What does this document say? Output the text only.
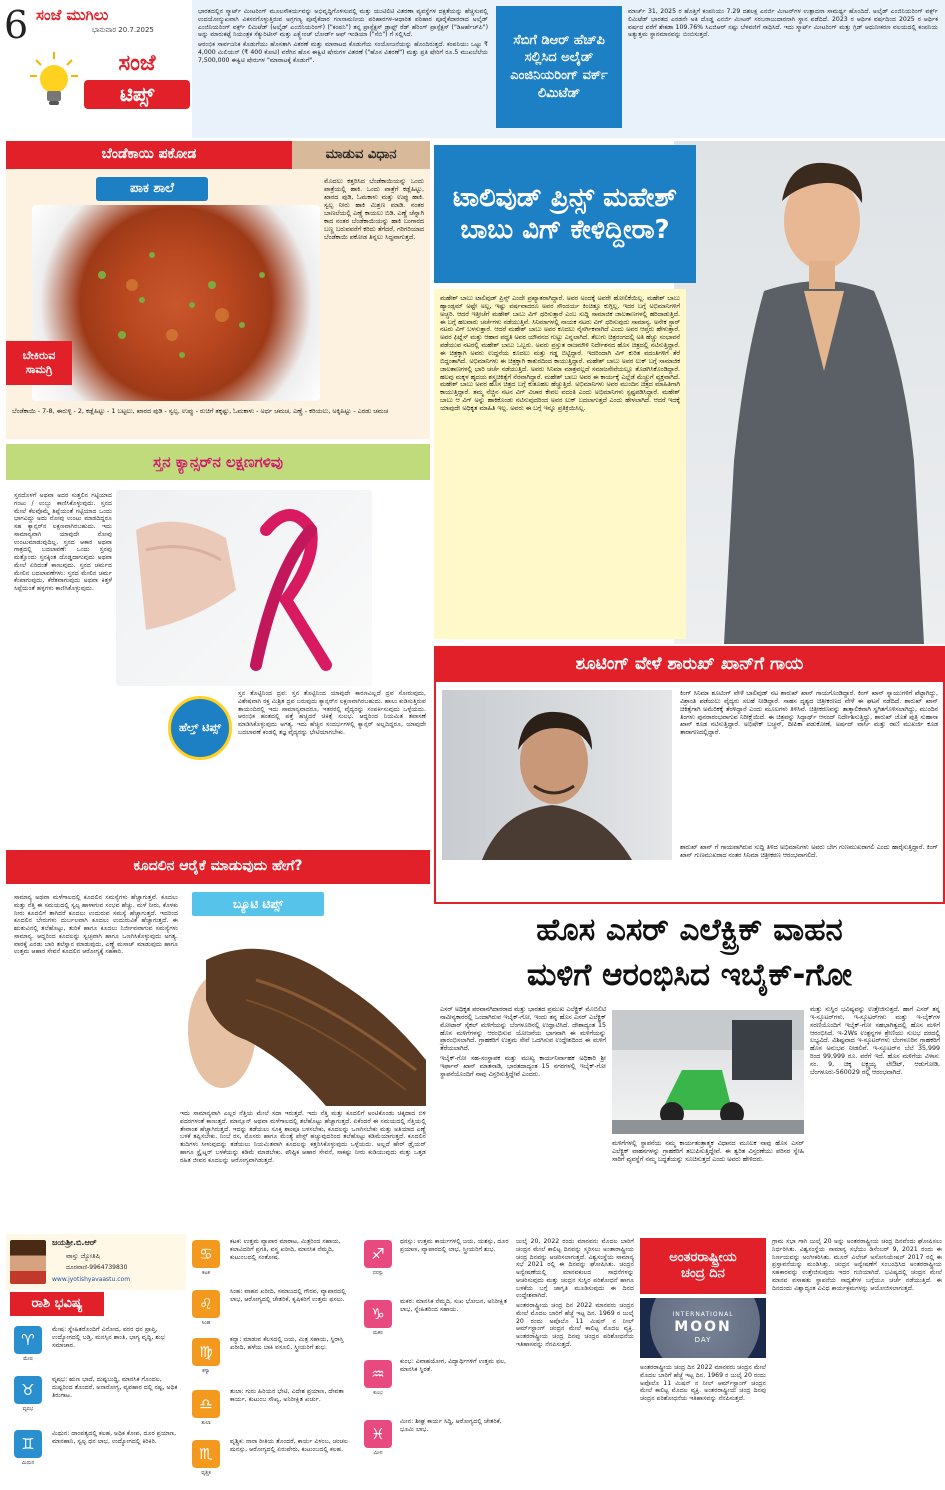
6 ಸಂಜೆ ಮುಗಿಲು
ಭಾನುವಾರ 20.7.2025
ಸಂಜೆ
ಟಿಪ್ಸ್

ಭಾರತದಲ್ಲಿನ ಸ್ಮಾರ್ಟ್ ಮೀಟರಿಂಗ್ ಮೂಲಸೌಕರ್ಯವನ್ನು ಅಭಿವೃದ್ಧಿಗೊಳಿಸುವಲ್ಲಿ ಮತ್ತು ಯುಟಿಲಿಟಿ ವಿತರಣಾ ವ್ಯವಸ್ಥೆಗಳ ದಕ್ಷತೆಯನ್ನು ಹೆಚ್ಚಿಸುವಲ್ಲಿ ಉದಯೋನ್ಮುಖವಾಗಿ ವಿಕಸನಗೊಳ್ಳುತ್ತಿರುವ ಅಗ್ರಗಣ್ಯ ಪೂರೈಕೆದಾರ ಗಣನಾಮನೀಯ ಪರಿಹಾರಗಳ-ಆಧಾರಿತ ಪರಿಹಾರ ಪೂರೈಕೆದಾರರಾದ ಅಲೈಡ್ ಎಂಜಿನಿಯರಿಂಗ್ ವರ್ಕ್ಸ್ ಲಿಮಿಟೆಡ್ (ಅಲೈಡ್ ಎಂಜಿನಿಯರಿಂಗ್) ("ಕಂಪನಿ") ತನ್ನ ಪ್ರಾಸ್ಪೆಕ್ಟಸ್ ಡ್ರಾಫ್ಟ್ ರೆಡ್ ಹೆರಿಂಗ್ ಪ್ರಾಸ್ಪೆಕ್ಟಸ್ ("ಡಿಆರ್ಹೆಚ್‌ಪಿ") ಅನ್ನು ಮಾರುಕಟ್ಟೆ ನಿಯಂತ್ರಕ ಸೆಕ್ಯುರಿಟೀಸ್ ಮತ್ತು ಎಕ್ಸ್ಚೇಂಜ್ ಬೋರ್ಡ್ ಆಫ್ ಇಂಡಿಯಾ ("ಸೆಬಿ") ಗೆ ಸಲ್ಲಿಸಿದೆ.

ಆರಂಭಿಕ ಸಾರ್ವಜನಿಕ ಕೊಡುಗೆಯು ಹೊಸತಾಗಿ ವಿತರಣೆ ಮತ್ತು ಮಾರಾಟದ ಕೊಡುಗೆಯ ಸಂಯೋಜನೆಯನ್ನು ಹೊಂದಿರುತ್ತದೆ. ಕಂಪನಿಯು ಒಟ್ಟು ₹ 4,000 ಮಿಲಿಯನ್ (₹ 400 ಕೋಟಿ) ವರೆಗಿನ ಹೊಸ ಈಕ್ವಿಟಿ ಷೇರುಗಳ ವಿತರಣೆ ("ಹೊಸ ವಿತರಣೆ") ಮತ್ತು ಪ್ರತಿ ಷೇರಿಗೆ ರೂ.5 ಮುಖಬೆಲೆಯ 7,500,000 ಈಕ್ವಿಟಿ ಷೇರುಗಳ "ಮಾರಾಟಕ್ಕೆ ಕೊಡುಗೆ".

ಸೆಬಿಗೆ ಡಿಆರ್ ಹೆಚ್‌ಪಿ ಸಲ್ಲಿಸಿದ ಅಲೈಡ್ ಎಂಜಿನಿಯರಿಂಗ್ ವರ್ಕ್ ಲಿಮಿಟೆಡ್
ಮಾರ್ಚ್ 31, 2025 ರ ಹೊತ್ತಿಗೆ ಕಂಪನಿಯು 7.29 ದಶಲಕ್ಷ ಎನರ್ಜಿ ಮೀಟರ್‌ಗಳ ಉತ್ಪಾದನಾ ಸಾಮರ್ಥ್ಯ ಹೊಂದಿದೆ. ಅಲೈಡ್ ಎಂಜಿನಿಯರಿಂಗ್ ವರ್ಕ್ಸ್ ಲಿಮಿಟೆಡ್ ಭಾರತದ ಎರಡನೇ ಅತಿ ದೊಡ್ಡ ಎನರ್ಜಿ ಮೀಟರ್ ಸರಬರಾಜುದಾರನಾಗಿ ಸ್ಥಾನ ಪಡೆದಿದೆ. 2023 ರ ಆರ್ಥಿಕ ವರ್ಷದಿಂದ 2025 ರ ಆರ್ಥಿಕ ವರ್ಷದ ವರೆಗೆ ಶೇಕಡಾ 109.76% ಸಿಎಜಿಆರ್ ನಷ್ಟು ಬೆಳವಣಿಗೆ ಸಾಧಿಸಿದೆ. ಇದು ಸ್ಮಾರ್ಟ್ ಮೀಟರಿಂಗ್ ಮತ್ತು ಗ್ರಿಡ್ ಆಧುನೀಕರಣ ವಲಯದಲ್ಲಿ ಕಂಪನಿಯ ಅತ್ಯುತ್ತಮ ಸ್ಥಾನಮಾನವನ್ನು ಬಿಂಬಿಸುತ್ತದೆ.
ಬೆಂಡೆಕಾಯಿ ಪಕೋಡ	ಮಾಡುವ ವಿಧಾನ
ಪಾಕ ಶಾಲೆ
ಬೇಕಿರುವ
ಸಾಮಗ್ರಿ
ಮೊದಲು ಕತ್ತರಿಸಿದ ಬೆಂಡೆಕಾಯಿಯನ್ನು ಒಂದು ಪಾತ್ರೆಯಲ್ಲಿ ಹಾಕಿ. ಒಂದು ಪಾತ್ರೆಗೆ ಕಡ್ಲೆಹಿಟ್ಟು, ಖಾರದ ಪುಡಿ, ಓಮಕಾಳು ಮತ್ತು ಉಪ್ಪು ಹಾಕಿ. ಸ್ವಲ್ಪ ನೀರು ಹಾಕಿ ಮಿಶ್ರಣ ಮಾಡಿ. ನಂತರ ಬಾಣಲೆಯಲ್ಲಿ ಎಣ್ಣೆ ಕಾಯಲು ಬಿಡಿ. ಎಣ್ಣೆ ಚೆನ್ನಾಗಿ ಕಾದ ನಂತರ ಬೆಂಡೆಕಾಯಿಯನ್ನು ಹಾಕಿ ಬಂಗಾರದ ಬಣ್ಣ ಬರುವವರೆಗೆ ಕರಿದು ತೆಗೆದರೆ, ಗರಿಗರಿಯಾದ ಬೆಂಡೆಕಾಯಿ ಪಕೋಡ ತಿನ್ನಲು ಸಿದ್ಧವಾಗುತ್ತದೆ.
ಬೆಂಡೆಕಾಯಿ - 7-8, ಈರುಳ್ಳಿ - 2, ಕಡ್ಲೆಹಿಟ್ಟು - 1 ಬಟ್ಟಲು, ಖಾರದ ಪುಡಿ - ಸ್ವಲ್ಪ, ಉಪ್ಪು - ರುಚಿಗೆ ತಕ್ಕಷ್ಟು, ಓಮಕಾಳು - ಅರ್ಧ ಚಮಚ, ಎಣ್ಣೆ - ಕರಿಯಲು, ಅಕ್ಕಿಹಿಟ್ಟು - ಎರಡು ಚಮಚ
ಸ್ತನ ಕ್ಯಾನ್ಸರ್‌ನ ಲಕ್ಷಣಗಳಿವು
ಸ್ತನದೊಳಗೆ ಅಥವಾ ಅದರ ಸುತ್ತಲಿನ ಗಟ್ಟಿಯಾದ ಗಂಟು / ಉಬ್ಬು ಕಾಣಿಸಿಕೊಳ್ಳುವುದು. ಸ್ತನದ ಮೇಲೆ ಕೆಲವೊಮ್ಮೆ ತಿಪ್ಪೆಯಂತೆ ಗಟ್ಟಿಯಾದ ಒಂದು ಭಾಗವಿದ್ದು ಅದು ನೋವು ಉಂಟು ಮಾಡದಿದ್ದರೂ ಸಹ ಕ್ಯಾನ್ಸರ್‌ನ ಲಕ್ಷಣವಾಗಿರಬಹುದು. ಇದು ಸಾಮಾನ್ಯವಾಗಿ ಯಾವುದೇ ನೋವು ಉಂಟುಮಾಡುವುದಿಲ್ಲ. ಸ್ತನದ ಆಕಾರ ಅಥವಾ ಗಾತ್ರದಲ್ಲಿ ಬದಲಾವಣೆ: ಒಂದು ಸ್ತನವು ಮತ್ತೊಂದು ಸ್ತನಕ್ಕಿಂತ ದೊಡ್ಡದಾಗುವುದು ಅಥವಾ ಮೇಲೆ ಏರಿದಂತೆ ಕಾಣುವುದು. ಸ್ತನದ ಚರ್ಮದ ಮೇಲಿನ ಬದಲಾವಣೆಗಳು: ಸ್ತನದ ಮೇಲಿನ ಚರ್ಮ ಕೆಂಪಾಗುವುದು, ಕೆರೆತವಾಗುವುದು ಅಥವಾ ಕಿತ್ತಳೆ ಸಿಪ್ಪೆಯಂತೆ ಹಳ್ಳಗಳು ಕಾಣಿಸಿಕೊಳ್ಳುವುದು.
ಹೆಲ್ತ್ ಟಿಪ್ಸ್
ಸ್ತನ ತೊಟ್ಟಿನಿಂದ ದ್ರವ: ಸ್ತನ ತೊಟ್ಟಿನಿಂದ ಯಾವುದೇ ಕಾರಣವಿಲ್ಲದೆ ದ್ರವ ಸೋರುವುದು, ವಿಶೇಷವಾಗಿ ರಕ್ತ ಮಿಶ್ರಿತ ದ್ರವ ಬರುವುದು ಕ್ಯಾನ್ಸರ್‌ನ ಲಕ್ಷಣವಾಗಿರಬಹುದು. ಹಾಲು ಕುಡಿಸುತ್ತಿರುವ ತಾಯಂದಿರಲ್ಲಿ ಇದು ಸಾಮಾನ್ಯವಾದರೂ, ಇತರರಲ್ಲಿ ವೈದ್ಯರನ್ನು ಸಂಪರ್ಕಿಸುವುದು ಒಳ್ಳೆಯದು. ಆರಂಭಿಕ ಹಂತದಲ್ಲಿ ಪತ್ತೆ ಹಚ್ಚಿದರೆ ಚಿಕಿತ್ಸೆ ಸುಲಭ. ಆದ್ದರಿಂದ ನಿಯಮಿತ ತಪಾಸಣೆ ಮಾಡಿಸಿಕೊಳ್ಳುವುದು ಅಗತ್ಯ. ಇದು ಹೆಚ್ಚಿನ ಸಂದರ್ಭಗಳಲ್ಲಿ ಕ್ಯಾನ್ಸರ್ ಅಲ್ಲದಿದ್ದರೂ, ಯಾವುದೇ ಬದಲಾವಣೆ ಕಂಡಲ್ಲಿ ತಜ್ಞ ವೈದ್ಯರನ್ನು ಭೇಟಿಯಾಗಬೇಕು.
ಕೂದಲಿನ ಆರೈಕೆ ಮಾಡುವುದು ಹೇಗೆ?
ಸಾಮಾನ್ಯ ಅಥವಾ ಮಳೆಗಾಲದಲ್ಲಿ ಕೂದಲಿನ ಸಮಸ್ಯೆಗಳು ಹೆಚ್ಚಾಗುತ್ತವೆ. ಕೂದಲು ಮತ್ತು ನೆತ್ತಿ ಈ ಸಮಯದಲ್ಲಿ ಸ್ವಲ್ಪ ಹಾಳಾಗುವ ಸಂಭವ ಹೆಚ್ಚು. ಮಳೆ ನೀರು, ಕೊಳಕು ನೀರು ಕೂದಲಿಗೆ ತಾಗಿದರೆ ಕೂದಲು ಉದುರುವ ಸಮಸ್ಯೆ ಹೆಚ್ಚಾಗುತ್ತದೆ. ಇದರಿಂದ ಕೂದಲಿನ ಬೇರುಗಳು ದುರ್ಬಲವಾಗಿ ಕೂದಲು ಉದುರುವಿಕೆ ಹೆಚ್ಚಾಗುತ್ತದೆ. ಈ ಋತುವಿನಲ್ಲಿ ತಲೆಹೊಟ್ಟು, ತುರಿಕೆ ಹಾಗೂ ಕೂದಲು ನಿರ್ಜೀವವಾಗುವ ಸಮಸ್ಯೆಗಳು ಸಾಮಾನ್ಯ. ಆದ್ದರಿಂದ ಕೂದಲನ್ನು ಸ್ವಚ್ಛವಾಗಿ ಹಾಗೂ ಒಣಗಿಸಿಕೊಳ್ಳುವುದು ಅಗತ್ಯ. ವಾರಕ್ಕೆ ಎರಡು ಬಾರಿ ತಲೆಸ್ನಾನ ಮಾಡುವುದು, ಎಣ್ಣೆ ಮಸಾಜ್ ಮಾಡುವುದು ಹಾಗೂ ಉತ್ತಮ ಆಹಾರ ಸೇವನೆ ಕೂದಲಿನ ಆರೋಗ್ಯಕ್ಕೆ ಸಹಕಾರಿ.
ಬ್ಯೂಟಿ ಟಿಪ್ಸ್
ಇದು ಸಾಮಾನ್ಯವಾಗಿ ಎಲ್ಲರ ನೆತ್ತಿಯ ಮೇಲೆ ಸದಾ ಇರುತ್ತದೆ. ಇದು ನೆತ್ತಿ ಮತ್ತು ಕೂದಲಿಗೆ ಅಂಟಿಕೊಂಡು ಚಿಕ್ಕದಾದ ಬಿಳಿ ಪದರಗಳಂತೆ ಕಾಣುತ್ತದೆ. ಮಾನ್ಸೂನ್ ಅಥವಾ ಮಳೆಗಾಲದಲ್ಲಿ ತಲೆಹೊಟ್ಟು ಹೆಚ್ಚಾಗುತ್ತದೆ. ಏಕೆಂದರೆ ಈ ಸಮಯದಲ್ಲಿ ನೆತ್ತಿಯಲ್ಲಿ ತೇವಾಂಶ ಹೆಚ್ಚಾಗಿರುತ್ತದೆ. ಇದನ್ನು ತಡೆಯಲು ಸೂಕ್ತ ಶಾಂಪೂ ಬಳಸಬೇಕು, ಕೂದಲನ್ನು ಒಣಗಿಸಬೇಕು ಮತ್ತು ಅತಿಯಾದ ಎಣ್ಣೆ ಬಳಕೆ ತಪ್ಪಿಸಬೇಕು. ನಿಂಬೆ ರಸ, ಮೊಸರು ಹಾಗೂ ಮೆಂತ್ಯೆ ಪೇಸ್ಟ್ ಹಚ್ಚುವುದರಿಂದ ತಲೆಹೊಟ್ಟು ಕಡಿಮೆಯಾಗುತ್ತದೆ. ಕೂದಲಿನ ತುದಿಗಳು ಸೀಳುವುದನ್ನು ತಡೆಯಲು ನಿಯಮಿತವಾಗಿ ಕೂದಲನ್ನು ಕತ್ತರಿಸಿಕೊಳ್ಳುವುದು ಒಳ್ಳೆಯದು. ಅಲ್ಲದೆ ಹೇರ್ ಡ್ರೈಯರ್ ಹಾಗೂ ಸ್ಟ್ರೈಟ್ನರ್ ಬಳಕೆಯನ್ನು ಕಡಿಮೆ ಮಾಡಬೇಕು. ಪೌಷ್ಟಿಕ ಆಹಾರ ಸೇವನೆ, ಸಾಕಷ್ಟು ನೀರು ಕುಡಿಯುವುದು ಮತ್ತು ಒತ್ತಡ ರಹಿತ ಜೀವನ ಕೂದಲನ್ನು ಆರೋಗ್ಯವಾಗಿಡುತ್ತದೆ.
ಜಯಶ್ರೀ.ಬಿ.ಆರ್
ವಾಸ್ತು ಜ್ಯೋತಿಷಿ
ದೂರವಾಣಿ-9964739830
www.jyotishyavaastu.com
ರಾಶಿ ಭವಿಷ್ಯ
♈
ಮೇಷ
ಮೇಷ: ಸ್ನೇಹಿತರೊಂದಿಗೆ ವಿನೋದ, ಪರರ ಧನ ಪ್ರಾಪ್ತಿ, ಉದ್ಯೋಗದಲ್ಲಿ ಬಡ್ತಿ, ಮನಸ್ಸಿನ ಶಾಂತಿ, ಭಾಗ್ಯ ವೃದ್ಧಿ, ಶುಭ ಸಮಾಚಾರ.
♉
ವೃಷಭ
ವೃಷಭ: ಋಣ ಭಾದೆ, ದುಷ್ಟಬುದ್ಧಿ, ಮಾನಸಿಕ ಗೊಂದಲ, ದುಷ್ಟರಿಂದ ತೊಂದರೆ, ಅನಾರೋಗ್ಯ, ವ್ಯವಹಾರ ದಲ್ಲಿ ನಷ್ಟ, ಅಧಿಕ ತಿರುಗಾಟ.
♊
ಮಿಥುನ
ಮಿಥುನ: ದಾಂಪತ್ಯದಲ್ಲಿ ಕಲಹ, ಅಧಿಕ ಕೋಪ, ದೂರ ಪ್ರಯಾಣ, ಮಾನಹಾನಿ, ಸ್ವಲ್ಪ ಧನ ಲಾಭ, ಉದ್ಯೋಗದಲ್ಲಿ ಕಿರಿಕಿರಿ.
♋
ಕಟಕ
ಕಟಕ: ಉತ್ತಮ ವ್ಯಾಪಾರ ಮಾರಾಟ, ಮಿತ್ರರಿಂದ ಸಹಾಯ, ಕಲಾವಿದರಿಗೆ ಪ್ರಗತಿ, ವಸ್ತ್ರ ಖರೀದಿ, ಮಾನಸಿಕ ನೆಮ್ಮದಿ, ಕುಟುಂಬದಲ್ಲಿ ಸಂತೋಷ.
♌
ಸಿಂಹ
ಸಿಂಹ: ವಾಹನ ಖರೀದಿ, ಸಮಾಜದಲ್ಲಿ ಗೌರವ, ವ್ಯಾಪಾರದಲ್ಲಿ ಲಾಭ, ಆರೋಗ್ಯದಲ್ಲಿ ಚೇತರಿಕೆ, ಕೃಷಿಕರಿಗೆ ಉತ್ತಮ ಫಸಲು.
♍
ಕನ್ಯಾ
ಕನ್ಯಾ: ಮಾಡುವ ಕೆಲಸದಲ್ಲಿ ಜಯ, ಮಿತ್ರ ಸಹಾಯ, ಸ್ಥಿರಾಸ್ತಿ ಖರೀದಿ, ಹಳೆಯ ಬಾಕಿ ವಸೂಲಿ, ಸ್ತ್ರೀಯರಿಗೆ ಶುಭ.
♎
ತುಲಾ
ತುಲಾ: ಗುರು ಹಿರಿಯರ ಭೇಟಿ, ವಿದೇಶ ಪ್ರಯಾಣ, ದೇವತಾ ಕಾರ್ಯ, ಕುಟುಂಬ ಸೌಖ್ಯ, ಅನಿರೀಕ್ಷಿತ ಖರ್ಚು.
♏
ವೃಶ್ಚಿಕ
ವೃಶ್ಚಿಕ: ನಾನಾ ರೀತಿಯ ತೊಂದರೆ, ಕಾರ್ಯ ವಿಳಂಬ, ಚಂಚಲ ಮನಸ್ಸು, ಆರೋಗ್ಯದಲ್ಲಿ ಏರುಪೇರು, ಕುಟುಂಬದಲ್ಲಿ ಕಲಹ.
♐
ಧನಸ್ಸು
ಧನಸ್ಸು: ಉತ್ತಮ ಕಾರ್ಯಗಳಲ್ಲಿ ಜಯ, ಯಶಸ್ಸು, ದೂರ ಪ್ರಯಾಣ, ವ್ಯಾಪಾರದಲ್ಲಿ ಲಾಭ, ಸ್ತ್ರೀಯರಿಗೆ ಶುಭ.
♑
ಮಕರ
ಮಕರ: ಮಾನಸಿಕ ನೆಮ್ಮದಿ, ಸುಖ ಭೋಜನ, ಅನಿರೀಕ್ಷಿತ ಲಾಭ, ಸ್ನೇಹಿತರಿಂದ ಸಹಾಯ.
♒
ಕುಂಭ
ಕುಂಭ: ವಿವಾಹಯೋಗ, ವಿದ್ಯಾರ್ಥಿಗಳಿಗೆ ಉತ್ತಮ ಫಲ, ಮಾನಸಿಕ ಸ್ಥಿರತೆ.
♓
ಮೀನ
ಮೀನ: ಶೀಘ್ರ ಕಾರ್ಯ ಸಿದ್ಧಿ, ಆರೋಗ್ಯದಲ್ಲಿ ಚೇತರಿಕೆ, ಭೂಮಿ ಲಾಭ.
ಟಾಲಿವುಡ್ ಪ್ರಿನ್ಸ್ ಮಹೇಶ್ ಬಾಬು ವಿಗ್ ಕೇಳಿದ್ದೀರಾ?
ಮಹೇಶ್ ಬಾಬು ಟಾಲಿವುಡ್ ಪ್ರಿನ್ಸ್ ಎಂದೇ ಪ್ರಖ್ಯಾತರಾಗಿದ್ದಾರೆ. ಅವರ ಅಂದಕ್ಕೆ ಅವರೇ ಹೋಲಿಕೆಯಿಲ್ಲ. ಮಹೇಶ್ ಬಾಬು ಹ್ಯಾಂಡ್ಸಮ್ ಅಷ್ಟೇ ಅಲ್ಲ, ಇಷ್ಟು ವರ್ಷವಾದರೂ ಅವರ ಸೌಂದರ್ಯ ಕಿಂಚಿತ್ತೂ ಕುಗ್ಗಿಲ್ಲ. ಇದರ ಬಗ್ಗೆ ಅಭಿಮಾನಿಗಳಿಗೆ ಅಚ್ಚರಿ. ಆದರೆ ಇತ್ತೀಚೆಗೆ ಮಹೇಶ್ ಬಾಬು ವಿಗ್ ಧರಿಸುತ್ತಾರೆ ಎಂಬ ಸುದ್ದಿ ಸಾಮಾಜಿಕ ಜಾಲತಾಣಗಳಲ್ಲಿ ಹರಿದಾಡುತ್ತಿದೆ. ಈ ಬಗ್ಗೆ ಹಲವಾರು ಚರ್ಚೆಗಳು ನಡೆಯುತ್ತಿವೆ. ಸಿನಿಮಾಗಳಲ್ಲಿ ನಾಯಕ ನಟರು ವಿಗ್ ಧರಿಸುವುದು ಸಾಮಾನ್ಯ. ಅನೇಕ ಸ್ಟಾರ್ ನಟರು ವಿಗ್ ಬಳಸುತ್ತಾರೆ. ಆದರೆ ಮಹೇಶ್ ಬಾಬು ಅವರ ಕೂದಲು ನೈಸರ್ಗಿಕವಾಗಿದೆ ಎಂದು ಅವರ ಆಪ್ತರು ಹೇಳುತ್ತಾರೆ. ಅವರ ಫಿಟ್ನೆಸ್ ಮತ್ತು ಆಹಾರ ಪದ್ಧತಿ ಅವರ ಯೌವನದ ಗುಟ್ಟು ಎನ್ನಲಾಗಿದೆ. ತೆಲುಗು ಚಿತ್ರರಂಗದಲ್ಲಿ ಅತಿ ಹೆಚ್ಚು ಸಂಭಾವನೆ ಪಡೆಯುವ ನಟರಲ್ಲಿ ಮಹೇಶ್ ಬಾಬು ಒಬ್ಬರು. ಅವರು ಪ್ರಸ್ತುತ ರಾಜಮೌಳಿ ನಿರ್ದೇಶನದ ಹೊಸ ಚಿತ್ರದಲ್ಲಿ ನಟಿಸುತ್ತಿದ್ದಾರೆ. ಈ ಚಿತ್ರಕ್ಕಾಗಿ ಅವರು ಉದ್ದನೆಯ ಕೂದಲು ಮತ್ತು ಗಡ್ಡ ಬಿಟ್ಟಿದ್ದಾರೆ. ಇದರಿಂದಾಗಿ ವಿಗ್ ಕುರಿತ ವದಂತಿಗಳಿಗೆ ತೆರೆ ಬಿದ್ದಂತಾಗಿದೆ. ಅಭಿಮಾನಿಗಳು ಈ ಚಿತ್ರಕ್ಕಾಗಿ ಕಾತುರದಿಂದ ಕಾಯುತ್ತಿದ್ದಾರೆ. ಮಹೇಶ್ ಬಾಬು ಅವರ ಲುಕ್ ಬಗ್ಗೆ ಸಾಮಾಜಿಕ ಜಾಲತಾಣಗಳಲ್ಲಿ ಭಾರಿ ಚರ್ಚೆ ನಡೆಯುತ್ತಿದೆ. ಅವರು ಸಿನಿಮಾ ಮಾತ್ರವಲ್ಲದೆ ಸಮಾಜಸೇವೆಯಲ್ಲೂ ತೊಡಗಿಸಿಕೊಂಡಿದ್ದಾರೆ. ಹಲವು ಮಕ್ಕಳ ಹೃದಯ ಶಸ್ತ್ರಚಿಕಿತ್ಸೆಗೆ ನೆರವಾಗಿದ್ದಾರೆ. ಮಹೇಶ್ ಬಾಬು ಅವರ ಈ ಕಾರ್ಯಕ್ಕೆ ಎಲ್ಲೆಡೆ ಮೆಚ್ಚುಗೆ ವ್ಯಕ್ತವಾಗಿದೆ. ಮಹೇಶ್ ಬಾಬು ಅವರ ಹೊಸ ಚಿತ್ರದ ಬಗ್ಗೆ ಕುತೂಹಲ ಹೆಚ್ಚುತ್ತಿದೆ. ಅಭಿಮಾನಿಗಳು ಅವರ ಮುಂದಿನ ಚಿತ್ರದ ಮಾಹಿತಿಗಾಗಿ ಕಾಯುತ್ತಿದ್ದಾರೆ. ತಮ್ಮ ನೆಚ್ಚಿನ ನಟನ ವಿಗ್ ವಿಚಾರ ಕೇವಲ ವದಂತಿ ಎಂದು ಅಭಿಮಾನಿಗಳು ಸ್ಪಷ್ಟಪಡಿಸಿದ್ದಾರೆ. ಮಹೇಶ್ ಬಾಬು ಆ ವಿಗ್ ಅನ್ನು ಹಾಕಿಕೊಂಡು ನಟಿಸುವುದರಿಂದ ಅವರ ಲುಕ್ ಬದಲಾಗುತ್ತದೆ ಎಂದು ಹೇಳಲಾಗಿದೆ. ಆದರೆ ಇದಕ್ಕೆ ಯಾವುದೇ ಅಧಿಕೃತ ಮಾಹಿತಿ ಇಲ್ಲ. ಅವರು ಈ ಬಗ್ಗೆ ಇನ್ನೂ ಪ್ರತಿಕ್ರಿಯಿಸಿಲ್ಲ.
ಶೂಟಿಂಗ್ ವೇಳೆ ಶಾರುಖ್ ಖಾನ್‌ಗೆ ಗಾಯ
ಕಿಂಗ್ ಸಿನಿಮಾ ಶೂಟಿಂಗ್ ವೇಳೆ ಬಾಲಿವುಡ್ ನಟ ಶಾರುಖ್ ಖಾನ್ ಗಾಯಗೊಂಡಿದ್ದಾರೆ. ಕಿಂಗ್ ಖಾನ್ ಸ್ನಾಯುಗಳಿಗೆ ಪೆಟ್ಟಾಗಿದ್ದು, ವಿಶ್ರಾಂತಿ ಪಡೆಯಲು ವೈದ್ಯರು ಸಲಹೆ ನೀಡಿದ್ದಾರೆ. ಸಾಹಸ ದೃಶ್ಯದ ಚಿತ್ರೀಕರಣದ ವೇಳೆ ಈ ಘಟನೆ ನಡೆದಿದೆ. ಶಾರುಖ್ ಖಾನ್ ಚಿಕಿತ್ಸೆಗಾಗಿ ಅಮೆರಿಕಕ್ಕೆ ತೆರಳಿದ್ದಾರೆ ಎಂದು ಮೂಲಗಳು ತಿಳಿಸಿವೆ. ಚಿತ್ರೀಕರಣವನ್ನು ತಾತ್ಕಾಲಿಕವಾಗಿ ಸ್ಥಗಿತಗೊಳಿಸಲಾಗಿದ್ದು, ಮುಂದಿನ ತಿಂಗಳು ಪುನರಾರಂಭವಾಗುವ ನಿರೀಕ್ಷೆಯಿದೆ. ಈ ಚಿತ್ರವನ್ನು ಸಿದ್ಧಾರ್ಥ್ ಆನಂದ್ ನಿರ್ದೇಶಿಸುತ್ತಿದ್ದು, ಶಾರುಖ್ ಜೊತೆ ಪುತ್ರಿ ಸುಹಾನಾ ಖಾನ್ ಕೂಡ ನಟಿಸುತ್ತಿದ್ದಾರೆ. ಅಭಿಷೇಕ್ ಬಚ್ಚನ್, ದೀಪಿಕಾ ಪಡುಕೋಣೆ, ಅರ್ಷದ್ ವಾರ್ಸಿ ಮತ್ತು ರಾಣಿ ಮುಖರ್ಜಿ ಕೂಡ ತಾರಾಗಣದಲ್ಲಿದ್ದಾರೆ.
ಶಾರುಖ್ ಖಾನ್ ಗೆ ಗಾಯವಾಗಿರುವ ಸುದ್ದಿ ತಿಳಿದ ಅಭಿಮಾನಿಗಳು ಅವರು ಬೇಗ ಗುಣಮುಖರಾಗಲಿ ಎಂದು ಹಾರೈಸುತ್ತಿದ್ದಾರೆ. ಕಿಂಗ್ ಖಾನ್ ಗುಣಮುಖರಾದ ನಂತರ ಸಿನಿಮಾ ಚಿತ್ರೀಕರಣ ಆರಂಭವಾಗಲಿದೆ.
ಹೊಸ ಎಸರ್ ಎಲೆಕ್ಟ್ರಿಕ್ ವಾಹನ
ಮಳಿಗೆ ಆರಂಭಿಸಿದ ಇಬೈಕ್-ಗೋ

ಎಸರ್ ಅಧಿಕೃತ ಪರವಾನಗಿದಾರರಾದ ಮತ್ತು ಭಾರತದ ಪ್ರಮುಖ ಎಲೆಕ್ಟ್ರಿಕ್ ಮೊಬಿಲಿಟಿ ನಾವೀನ್ಯಕಾರರಲ್ಲಿ ಒಂದಾಗಿರುವ ಇಬೈಕ್-ಗೋ, ಇಂದು ತನ್ನ ಹೊಸ ಎಸರ್ ಎಲೆಕ್ಟ್ರಿಕ್ ಮೋಟಾರ್ ಸೈಕಲ್ ಮಳಿಗೆಯನ್ನು ಬೆಂಗಳೂರಿನಲ್ಲಿ ಉದ್ಘಾಟಿಸಿದೆ. ದೇಶಾದ್ಯಂತ 15 ಹೊಸ ಮಳಿಗೆಗಳನ್ನು ಆರಂಭಿಸುವ ಯೋಜನೆಯ ಭಾಗವಾಗಿ ಈ ಮಳಿಗೆಯನ್ನು ಪ್ರಾರಂಭಿಸಲಾಗಿದೆ. ಗ್ರಾಹಕರಿಗೆ ಉತ್ತಮ ಸೇವೆ ಒದಗಿಸುವ ಉದ್ದೇಶದಿಂದ ಈ ಮಳಿಗೆ ತೆರೆಯಲಾಗಿದೆ.

ಇಬೈಕ್-ಗೋ ಸಹ-ಸಂಸ್ಥಾಪಕ ಮತ್ತು ಮುಖ್ಯ ಕಾರ್ಯನಿರ್ವಾಹಕ ಅಧಿಕಾರಿ ಶ್ರೀ ಇರ್ಫಾನ್ ಖಾನ್ ಮಾತನಾಡಿ, ಭಾರತದಾದ್ಯಂತ 15 ನಗರಗಳಲ್ಲಿ ಇಬೈಕ್-ಗೋ ಸ್ಥಾಪನೆಯೊಂದಿಗೆ ನಾವು ವಿಸ್ತರಿಸುತ್ತಿದ್ದೇವೆ ಎಂದರು.

ಮಳಿಗೆಗಳಲ್ಲಿ ಸ್ಥಾಪನೆಯ ನಮ್ಮ ಕಾರ್ಯತಂತ್ರಾತ್ಮಕ ವಿಧಾನದ ಮೂಲಕ ನಾವು ಹೊಸ ಎಸರ್ ಎಲೆಕ್ಟ್ರಿಕ್ ವಾಹನಗಳನ್ನು ಗ್ರಾಹಕರಿಗೆ ತಲುಪಿಸುತ್ತಿದ್ದೇವೆ. ಈ ತ್ವರಿತ ವಿಸ್ತರಣೆಯು ಪರಿಸರ ಸ್ನೇಹಿ ಸಾರಿಗೆ ವ್ಯವಸ್ಥೆಗೆ ನಮ್ಮ ಬದ್ಧತೆಯನ್ನು ಸೂಚಿಸುತ್ತದೆ ಎಂದು ಅವರು ಹೇಳಿದರು.
ಮತ್ತು ಸುಸ್ಥಿರ ಭವಿಷ್ಯವನ್ನು ಉತ್ತೇಜಿಸುತ್ತದೆ. ಹಾಗೆ ಎಸರ್ ತನ್ನ ಇ-ಸ್ಕೂಟರ್‌ಗಳು, ಇ-ಸ್ಕೂಟರ್‌ಗಳು ಮತ್ತು ಇ-ಬೈಕ್‌ಗಳ ಸರಣಿಯೊಂದಿಗೆ ಇಬೈಕ್-ಗೋ ಸಹಭಾಗಿತ್ವದಲ್ಲಿ ಹೊಸ ಮಳಿಗೆ ಆರಂಭಿಸಿದೆ. ಇ-2Ws ಉತ್ಪನ್ನಗಳ ಶ್ರೇಣಿಯು ಸುಲಭ ದರದಲ್ಲಿ ಲಭ್ಯವಿದೆ. ವಿಶಿಷ್ಟವಾದ ಇ-ಸ್ಕೂಟರ್‌ಗಳು ಬೆಂಗಳೂರಿನ ಗ್ರಾಹಕರಿಗೆ ಹೊಸ ಅನುಭವ ನೀಡಲಿವೆ. ಇ-ಸ್ಕೂಟರ್‌ನ ಬೆಲೆ 35,999 ರಿಂದ 99,999 ರೂ. ವರೆಗೆ ಇದೆ. ಹೊಸ ಮಳಿಗೆಯ ವಿಳಾಸ: ನಂ. 9, ಚಿಕ್ಕ ಲಕ್ಷ್ಮಯ್ಯ ಲೇಔಟ್, ಆಡುಗೋಡಿ, ಬೆಂಗಳೂರು-560029 ರಲ್ಲಿ ಆರಂಭವಾಗಿದೆ.

ಜುಲೈ 20, 2022 ರಂದು ಮಾನವನು ಮೊದಲ ಬಾರಿಗೆ ಚಂದ್ರನ ಮೇಲೆ ಕಾಲಿಟ್ಟ ದಿನವನ್ನು ಸ್ಮರಿಸಲು ಅಂತಾರಾಷ್ಟ್ರೀಯ ಚಂದ್ರ ದಿನವನ್ನು ಆಚರಿಸಲಾಗುತ್ತದೆ. ವಿಶ್ವಸಂಸ್ಥೆಯ ಸಾಮಾನ್ಯ ಸಭೆ 2021 ರಲ್ಲಿ ಈ ದಿನವನ್ನು ಘೋಷಿಸಿತು. ಚಂದ್ರನ ಅನ್ವೇಷಣೆಯಲ್ಲಿ ಮಾನವಕುಲದ ಸಾಧನೆಗಳನ್ನು ಆಚರಿಸುವುದು ಮತ್ತು ಚಂದ್ರನ ಸುಸ್ಥಿರ ಪರಿಶೋಧನೆ ಹಾಗೂ ಬಳಕೆಯ ಬಗ್ಗೆ ಜಾಗೃತಿ ಮೂಡಿಸುವುದು ಈ ದಿನದ ಉದ್ದೇಶವಾಗಿದೆ.

ಅಂತರರಾಷ್ಟ್ರೀಯ ಚಂದ್ರ ದಿನ 2022 ಮಾನವರು ಚಂದ್ರನ ಮೇಲೆ ಮೊದಲ ಬಾರಿಗೆ ಹೆಜ್ಜೆ ಇಟ್ಟ ದಿನ. 1969 ರ ಜುಲೈ 20 ರಂದು ಅಪೊಲೊ 11 ಮಿಷನ್ ನ ನೀಲ್ ಆರ್ಮ್‌ಸ್ಟ್ರಾಂಗ್ ಚಂದ್ರನ ಮೇಲೆ ಕಾಲಿಟ್ಟ ಮೊದಲ ವ್ಯಕ್ತಿ. ಅಂತರರಾಷ್ಟ್ರೀಯ ಚಂದ್ರ ದಿನವು ಚಂದ್ರನ ಪರಿಶೋಧನೆಯ ಇತಿಹಾಸವನ್ನು ನೆನಪಿಸುತ್ತದೆ.

ಅಂತರರಾಷ್ಟ್ರೀಯ
ಚಂದ್ರ ದಿನ
INTERNATIONAL
MOON
DAY

ಅಂತರರಾಷ್ಟ್ರೀಯ ಚಂದ್ರ ದಿನ 2022 ಮಾನವರು ಚಂದ್ರನ ಮೇಲೆ ಮೊದಲ ಬಾರಿಗೆ ಹೆಜ್ಜೆ ಇಟ್ಟ ದಿನ. 1969 ರ ಜುಲೈ 20 ರಂದು ಅಪೊಲೊ 11 ಮಿಷನ್ ನ ನೀಲ್ ಆರ್ಮ್‌ಸ್ಟ್ರಾಂಗ್ ಚಂದ್ರನ ಮೇಲೆ ಕಾಲಿಟ್ಟ ಮೊದಲ ವ್ಯಕ್ತಿ. ಅಂತರರಾಷ್ಟ್ರೀಯ ಚಂದ್ರ ದಿನವು ಚಂದ್ರನ ಪರಿಶೋಧನೆಯ ಇತಿಹಾಸವನ್ನು ನೆನಪಿಸುತ್ತದೆ.

ಗ್ರಾಮ ಸಭಾ ಗಾಗಿ ಜುಲೈ 20 ಅನ್ನು ಅಂತರರಾಷ್ಟ್ರೀಯ ಚಂದ್ರ ದಿನವೆಂದು ಘೋಷಿಸಲು ನಿರ್ಧರಿಸಿತು. ವಿಶ್ವಸಂಸ್ಥೆಯ ಸಾಮಾನ್ಯ ಸಭೆಯು ಡಿಸೆಂಬರ್ 9, 2021 ರಂದು ಈ ನಿರ್ಣಯವನ್ನು ಅಂಗೀಕರಿಸಿತು. ಮೂನ್ ವಿಲೇಜ್ ಅಸೋಸಿಯೇಷನ್ 2017 ರಲ್ಲಿ ಈ ಪ್ರಸ್ತಾವನೆಯನ್ನು ಮಂಡಿಸಿತ್ತು. ಚಂದ್ರನ ಅನ್ವೇಷಣೆಗೆ ಸಂಬಂಧಿಸಿದ ಅಂತರರಾಷ್ಟ್ರೀಯ ಸಹಕಾರವನ್ನು ಉತ್ತೇಜಿಸುವುದು ಇದರ ಗುರಿಯಾಗಿದೆ. ಭವಿಷ್ಯದಲ್ಲಿ ಚಂದ್ರನ ಮೇಲೆ ಮಾನವ ವಸಾಹತು ಸ್ಥಾಪನೆಯ ಸಾಧ್ಯತೆಗಳ ಬಗ್ಗೆಯೂ ಚರ್ಚೆ ನಡೆಯುತ್ತಿದೆ. ಈ ದಿನದಂದು ವಿಶ್ವಾದ್ಯಂತ ವಿವಿಧ ಕಾರ್ಯಕ್ರಮಗಳನ್ನು ಆಯೋಜಿಸಲಾಗುತ್ತದೆ.
